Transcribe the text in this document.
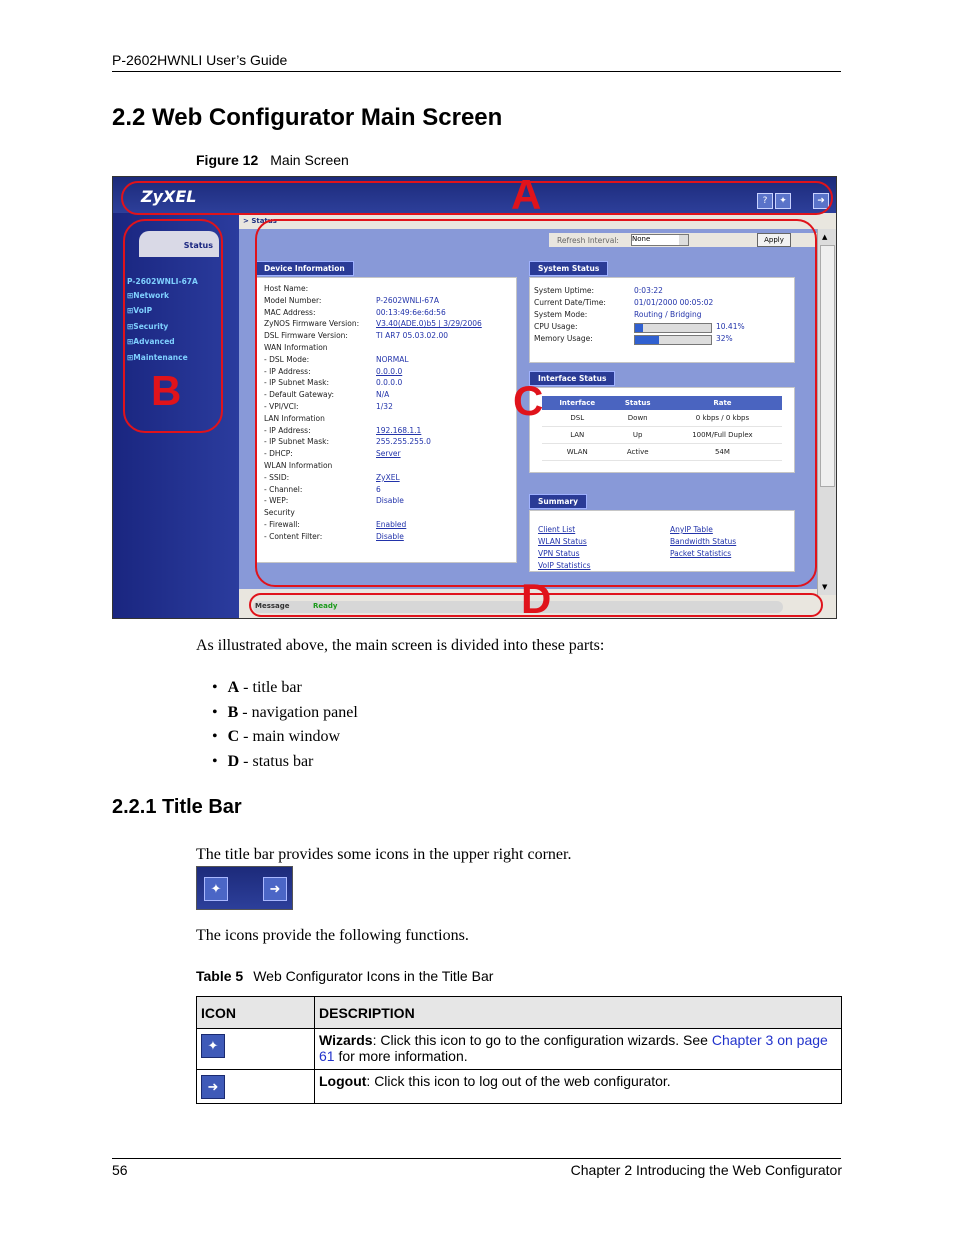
P-2602HWNLI User’s Guide
2.2 Web Configurator Main Screen
Figure 12 Main Screen
ZyXEL	?	✦	➜
Status
P-2602WNLI-67A
⊞Network
⊞VoIP
⊞Security
⊞Advanced
⊞Maintenance
> Status
Refresh Interval: None	Apply
Device Information
Host Name:
Model Number:	P-2602WNLI-67A
MAC Address:	00:13:49:6e:6d:56
ZyNOS Firmware Version: V3.40(ADE.0)b5 | 3/29/2006
DSL Firmware Version:	TI AR7 05.03.02.00
WAN Information
- DSL Mode:	NORMAL
- IP Address:	0.0.0.0
- IP Subnet Mask:	0.0.0.0
- Default Gateway:	N/A
- VPI/VCI:	1/32
LAN Information
- IP Address:	192.168.1.1
- IP Subnet Mask:	255.255.255.0
- DHCP:	Server
WLAN Information
- SSID:	ZyXEL
- Channel:	6
- WEP:	Disable
Security
- Firewall:	Enabled
- Content Filter:	Disable
System Status
System Uptime:	0:03:22
Current Date/Time:	01/01/2000 00:05:02
System Mode:	Routing / Bridging
CPU Usage:	10.41%
Memory Usage:	32%
Interface Status
Interface	Status	Rate
DSL	Down	0 kbps / 0 kbps
LAN	Up	100M/Full Duplex
WLAN	Active	54M
Summary
Client List	AnyIP Table
WLAN Status	Bandwidth Status
VPN Status	Packet Statistics
VoIP Statistics
▲
▼
Message	Ready
A
B	C
D
As illustrated above, the main screen is divided into these parts:
• A - title bar
• B - navigation panel
• C - main window
• D - status bar
2.2.1 Title Bar
The title bar provides some icons in the upper right corner.
✦	➜
The icons provide the following functions.
Table 5 Web Configurator Icons in the Title Bar
ICON	DESCRIPTION

✦	Wizards: Click this icon to go to the configuration wizards. See Chapter 3 on page 61 for more information.

➜	Logout: Click this icon to log out of the web configurator.
56	Chapter 2 Introducing the Web Configurator
